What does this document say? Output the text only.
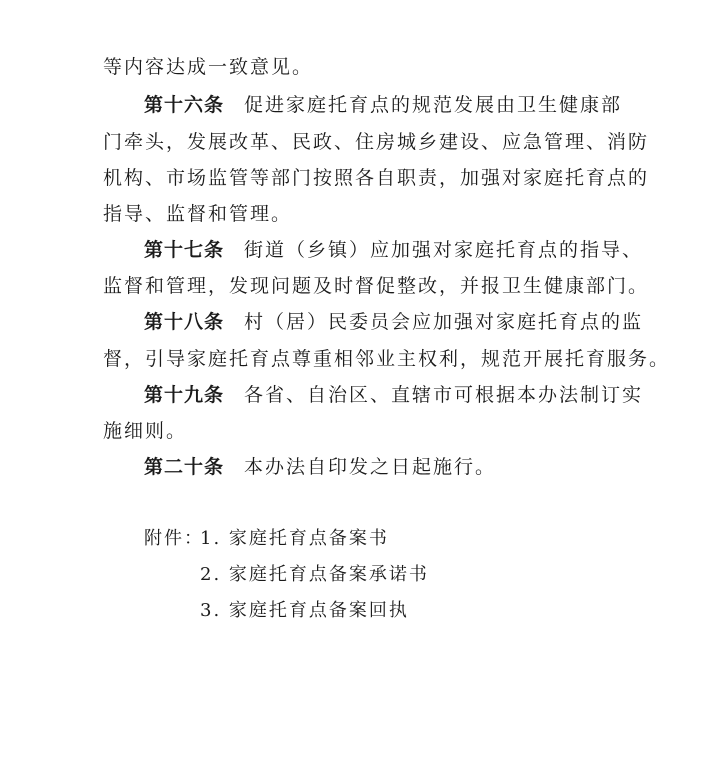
等内容达成一致意见。
第十六条 促进家庭托育点的规范发展由卫生健康部
门牵头，发展改革、民政、住房城乡建设、应急管理、消防
机构、市场监管等部门按照各自职责，加强对家庭托育点的
指导、监督和管理。
第十七条 街道（乡镇）应加强对家庭托育点的指导、
监督和管理，发现问题及时督促整改，并报卫生健康部门。
第十八条 村（居）民委员会应加强对家庭托育点的监
督，引导家庭托育点尊重相邻业主权利，规范开展托育服务。
第十九条 各省、自治区、直辖市可根据本办法制订实
施细则。
第二十条 本办法自印发之日起施行。
附件：
1. 家庭托育点备案书
2. 家庭托育点备案承诺书
3. 家庭托育点备案回执
